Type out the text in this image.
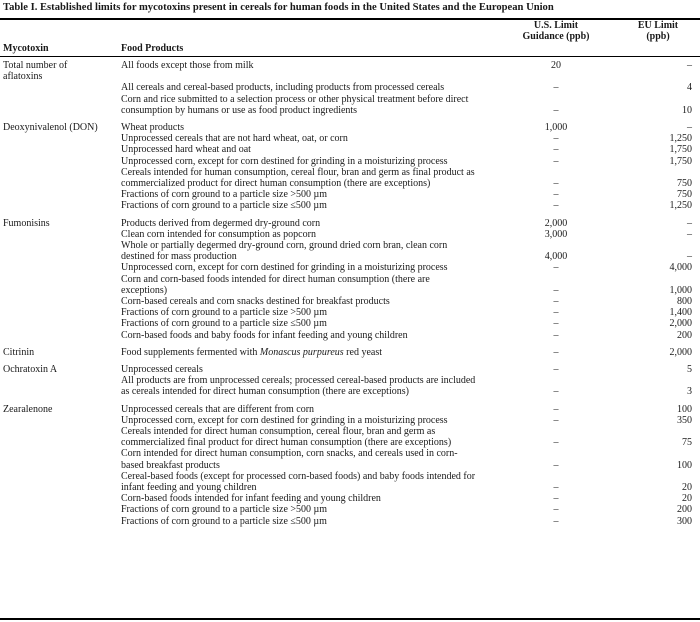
Table I. Established limits for mycotoxins present in cereals for human foods in the United States and the European Union
Mycotoxin	Food Products
U.S. Limit
Guidance (ppb)
EU Limit
(ppb)
Total number of
aflatoxins
All foods except those from milk	20	–
All cereals and cereal-based products, including products from processed cereals	–	4
Corn and rice submitted to a selection process or other physical treatment before direct
consumption by humans or use as food product ingredients	–	10
Deoxynivalenol (DON)	Wheat products	1,000	–
Unprocessed cereals that are not hard wheat, oat, or corn	–	1,250
Unprocessed hard wheat and oat	–	1,750
Unprocessed corn, except for corn destined for grinding in a moisturizing process	–	1,750
Cereals intended for human consumption, cereal flour, bran and germ as final product as
commercialized product for direct human consumption (there are exceptions)	–	750
Fractions of corn ground to a particle size >500 µm	–	750
Fractions of corn ground to a particle size ≤500 µm	–	1,250
Fumonisins	Products derived from degermed dry-ground corn	2,000	–
Clean corn intended for consumption as popcorn	3,000	–
Whole or partially degermed dry-ground corn, ground dried corn bran, clean corn
destined for mass production	4,000	–
Unprocessed corn, except for corn destined for grinding in a moisturizing process	–	4,000
Corn and corn-based foods intended for direct human consumption (there are
exceptions)	–	1,000
Corn-based cereals and corn snacks destined for breakfast products	–	800
Fractions of corn ground to a particle size >500 µm	–	1,400
Fractions of corn ground to a particle size ≤500 µm	–	2,000
Corn-based foods and baby foods for infant feeding and young children	–	200
Citrinin	Food supplements fermented with Monascus purpureus red yeast	–	2,000
Ochratoxin A	Unprocessed cereals	–	5
All products are from unprocessed cereals; processed cereal-based products are included
as cereals intended for direct human consumption (there are exceptions)	–	3
Zearalenone	Unprocessed cereals that are different from corn	–	100
Unprocessed corn, except for corn destined for grinding in a moisturizing process	–	350
Cereals intended for direct human consumption, cereal flour, bran and germ as
commercialized final product for direct human consumption (there are exceptions)	–	75
Corn intended for direct human consumption, corn snacks, and cereals used in corn-
based breakfast products	–	100
Cereal-based foods (except for processed corn-based foods) and baby foods intended for
infant feeding and young children	–	20
Corn-based foods intended for infant feeding and young children	–	20
Fractions of corn ground to a particle size >500 µm	–	200
Fractions of corn ground to a particle size ≤500 µm	–	300
